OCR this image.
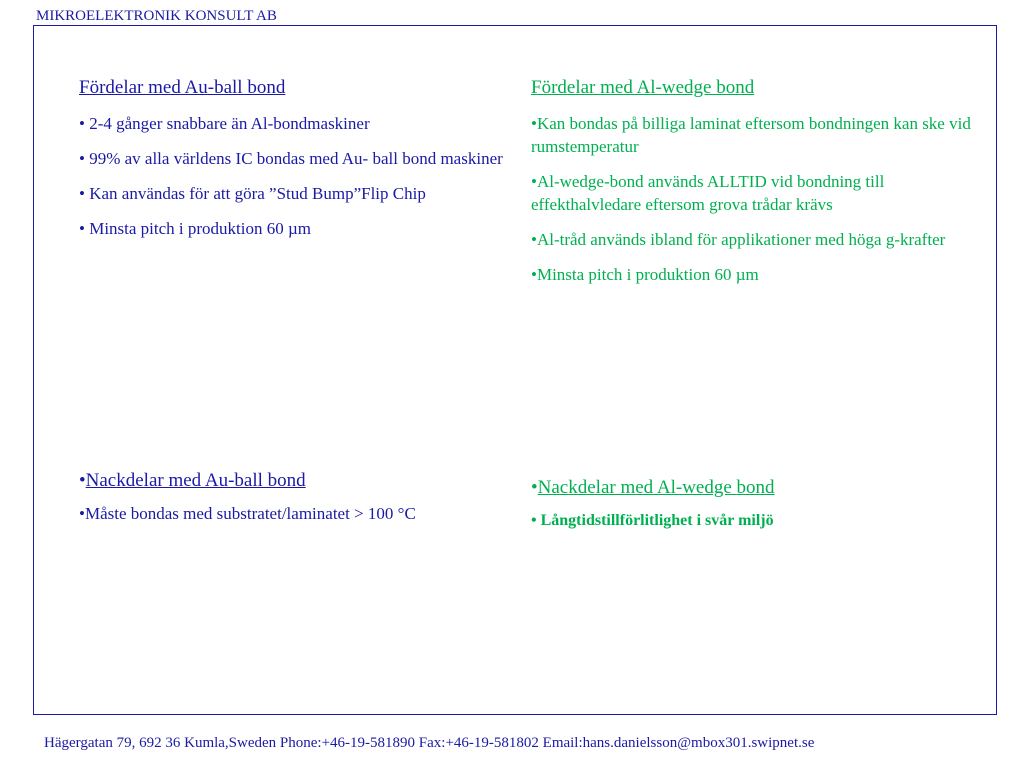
MIKROELEKTRONIK KONSULT AB

Fördelar med Au-ball bond

• 2-4 gånger snabbare än Al-bondmaskiner

• 99% av alla världens IC bondas med Au- ball bond maskiner

• Kan användas för att göra ”Stud Bump”Flip Chip

• Minsta pitch i produktion 60 µm

Fördelar med Al-wedge bond

•Kan bondas på billiga laminat eftersom bondningen kan ske vid rumstemperatur

•Al-wedge-bond används ALLTID vid bondning till effekthalvledare eftersom grova trådar krävs

•Al-tråd används ibland för applikationer med höga g-krafter

•Minsta pitch i produktion 60 µm

•Nackdelar med Au-ball bond

•Måste bondas med substratet/laminatet > 100 °C

•Nackdelar med Al-wedge bond

• Långtidstillförlitlighet i svår miljö

Hägergatan 79, 692 36 Kumla,Sweden Phone:+46-19-581890 Fax:+46-19-581802 Email:hans.danielsson@mbox301.swipnet.se
